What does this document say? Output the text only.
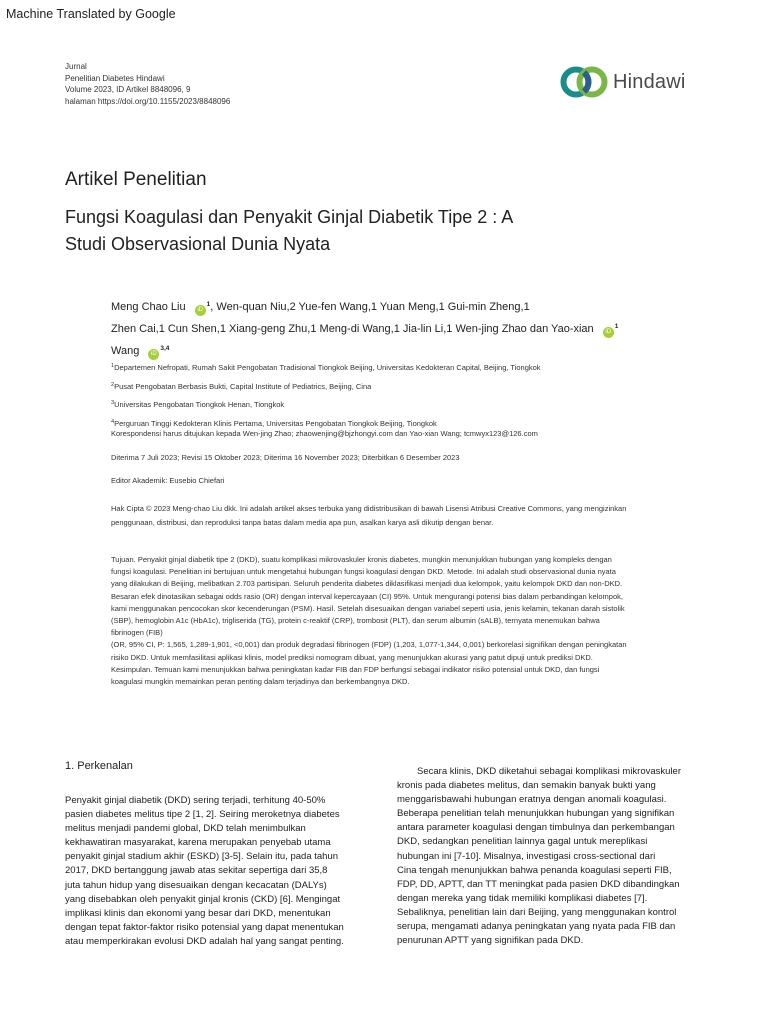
Machine Translated by Google
Jurnal
Penelitian Diabetes Hindawi
Volume 2023, ID Artikel 8848096, 9
halaman https://doi.org/10.1155/2023/8848096
Hindawi
Artikel Penelitian
Fungsi Koagulasi dan Penyakit Ginjal Diabetik Tipe 2 : A
Studi Observasional Dunia Nyata
Meng Chao Liu $iD^1$, Wen-quan Niu,2 Yue-fen Wang,1 Yuan Meng,1 Gui-min Zheng,1
Zhen Cai,1 Cun Shen,1 Xiang-geng Zhu,1 Meng-di Wang,1 Jia-lin Li,1 Wen-jing Zhao dan Yao-xian $iD^1$
Wang iD$^{3,4}$
$^1$Departemen Nefropati, Rumah Sakit Pengobatan Tradisional Tiongkok Beijing, Universitas Kedokteran Capital, Beijing, Tiongkok
$^2$Pusat Pengobatan Berbasis Bukti, Capital Institute of Pediatrics, Beijing, Cina
$^3$Universitas Pengobatan Tiongkok Henan, Tiongkok
$^4$Perguruan Tinggi Kedokteran Klinis Pertama, Universitas Pengobatan Tiongkok Beijing, Tiongkok
Korespondensi harus ditujukan kepada Wen-jing Zhao; zhaowenjing@bjzhongyi.com dan Yao-xian Wang; tcmwyx123@126.com
Diterima 7 Juli 2023; Revisi 15 Oktober 2023; Diterima 16 November 2023; Diterbitkan 6 Desember 2023
Editor Akademik: Eusebio Chiefari
Hak Cipta © 2023 Meng-chao Liu dkk. Ini adalah artikel akses terbuka yang didistribusikan di bawah Lisensi Atribusi Creative Commons, yang mengizinkan
penggunaan, distribusi, dan reproduksi tanpa batas dalam media apa pun, asalkan karya asli dikutip dengan benar.

Tujuan. Penyakit ginjal diabetik tipe 2 (DKD), suatu komplikasi mikrovaskuler kronis diabetes, mungkin menunjukkan hubungan yang kompleks dengan

fungsi koagulasi. Penelitian ini bertujuan untuk mengetahui hubungan fungsi koagulasi dengan DKD. Metode. Ini adalah studi observasional dunia nyata

yang dilakukan di Beijing, melibatkan 2.703 partisipan. Seluruh penderita diabetes diklasifikasi menjadi dua kelompok, yaitu kelompok DKD dan non-DKD.

Besaran efek dinotasikan sebagai odds rasio (OR) dengan interval kepercayaan (CI) 95%. Untuk mengurangi potensi bias dalam perbandingan kelompok,

kami menggunakan pencocokan skor kecenderungan (PSM). Hasil. Setelah disesuaikan dengan variabel seperti usia, jenis kelamin, tekanan darah sistolik

(SBP), hemoglobin A1c (HbA1c), trigliserida (TG), protein c-reaktif (CRP), trombosit (PLT), dan serum albumin (sALB), ternyata menemukan bahwa

fibrinogen (FIB)

(OR, 95% CI, P: 1,565, 1,289-1,901, <0,001) dan produk degradasi fibrinogen (FDP) (1,203, 1,077-1,344, 0,001) berkorelasi signifikan dengan peningkatan

risiko DKD. Untuk memfasilitasi aplikasi klinis, model prediksi nomogram dibuat, yang menunjukkan akurasi yang patut dipuji untuk prediksi DKD.

Kesimpulan. Temuan kami menunjukkan bahwa peningkatan kadar FIB dan FDP berfungsi sebagai indikator risiko potensial untuk DKD, dan fungsi

koagulasi mungkin memainkan peran penting dalam terjadinya dan berkembangnya DKD.

1. Perkenalan
Penyakit ginjal diabetik (DKD) sering terjadi, terhitung 40-50%
pasien diabetes melitus tipe 2 [1, 2]. Seiring meroketnya diabetes
melitus menjadi pandemi global, DKD telah menimbulkan
kekhawatiran masyarakat, karena merupakan penyebab utama
penyakit ginjal stadium akhir (ESKD) [3-5]. Selain itu, pada tahun
2017, DKD bertanggung jawab atas sekitar sepertiga dari 35,8
juta tahun hidup yang disesuaikan dengan kecacatan (DALYs)
yang disebabkan oleh penyakit ginjal kronis (CKD) [6]. Mengingat
implikasi klinis dan ekonomi yang besar dari DKD, menentukan
dengan tepat faktor-faktor risiko potensial yang dapat menentukan
atau memperkirakan evolusi DKD adalah hal yang sangat penting.
Secara klinis, DKD diketahui sebagai komplikasi mikrovaskuler
kronis pada diabetes melitus, dan semakin banyak bukti yang
menggarisbawahi hubungan eratnya dengan anomali koagulasi.
Beberapa penelitian telah menunjukkan hubungan yang signifikan
antara parameter koagulasi dengan timbulnya dan perkembangan
DKD, sedangkan penelitian lainnya gagal untuk mereplikasi
hubungan ini [7-10]. Misalnya, investigasi cross-sectional dari
Cina tengah menunjukkan bahwa penanda koagulasi seperti FIB,
FDP, DD, APTT, dan TT meningkat pada pasien DKD dibandingkan
dengan mereka yang tidak memiliki komplikasi diabetes [7].
Sebaliknya, penelitian lain dari Beijing, yang menggunakan kontrol
serupa, mengamati adanya peningkatan yang nyata pada FIB dan
penurunan APTT yang signifikan pada DKD.
